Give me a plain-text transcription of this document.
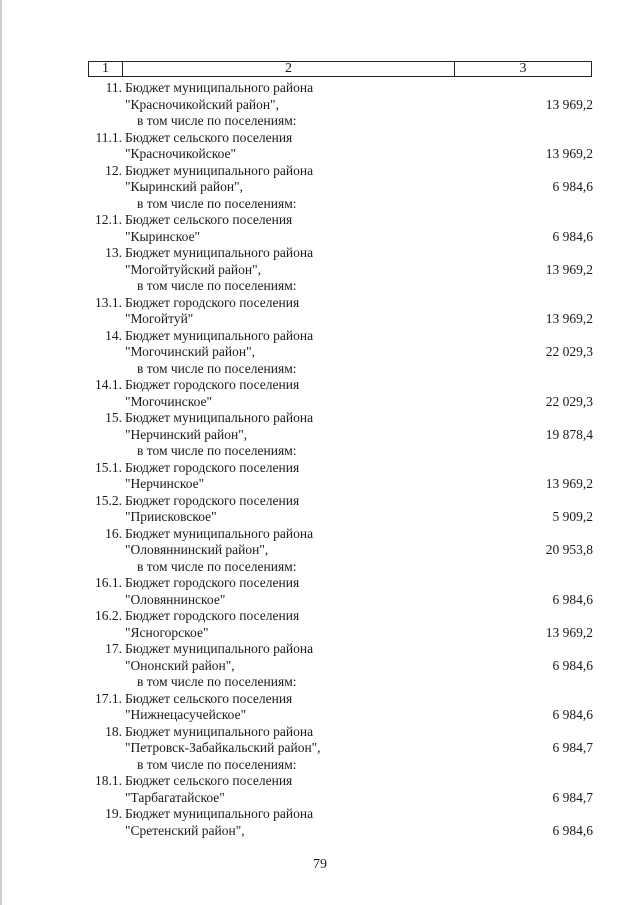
1	2	3
11. Бюджет муниципального района
"Красночикойский район",	13 969,2
в том числе по поселениям:
11.1. Бюджет сельского поселения
"Красночикойское"	13 969,2
12. Бюджет муниципального района
"Кыринский район",	6 984,6
в том числе по поселениям:
12.1. Бюджет сельского поселения
"Кыринское"	6 984,6
13. Бюджет муниципального района
"Могойтуйский район",	13 969,2
в том числе по поселениям:
13.1. Бюджет городского поселения
"Могойтуй"	13 969,2
14. Бюджет муниципального района
"Могочинский район",	22 029,3
в том числе по поселениям:
14.1. Бюджет городского поселения
"Могочинское"	22 029,3
15. Бюджет муниципального района
"Нерчинский район",	19 878,4
в том числе по поселениям:
15.1. Бюджет городского поселения
"Нерчинское"	13 969,2
15.2. Бюджет городского поселения
"Приисковское"	5 909,2
16. Бюджет муниципального района
"Оловяннинский район",	20 953,8
в том числе по поселениям:
16.1. Бюджет городского поселения
"Оловяннинское"	6 984,6
16.2. Бюджет городского поселения
"Ясногорское"	13 969,2
17. Бюджет муниципального района
"Ононский район",	6 984,6
в том числе по поселениям:
17.1. Бюджет сельского поселения
"Нижнецасучейское"	6 984,6
18. Бюджет муниципального района
"Петровск-Забайкальский район",	6 984,7
в том числе по поселениям:
18.1. Бюджет сельского поселения
"Тарбагатайское"	6 984,7
19. Бюджет муниципального района
"Сретенский район",	6 984,6
79
